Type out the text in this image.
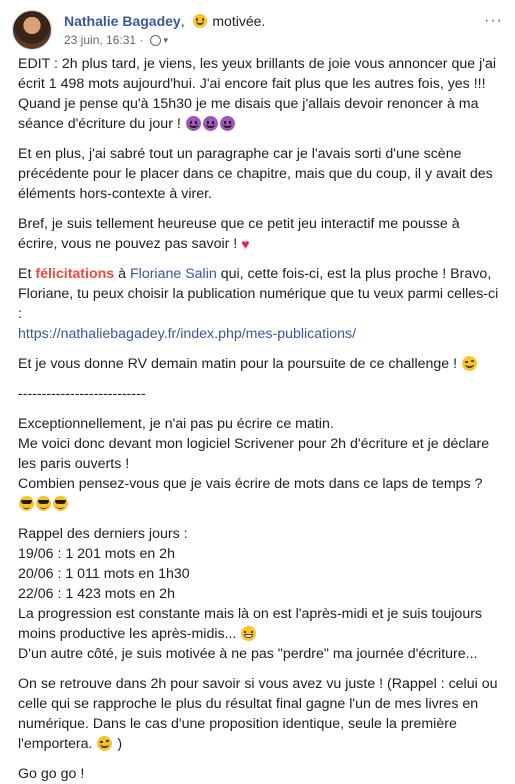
Nathalie Bagadey, motivée.
23 juin, 16:31 · ▼
···

EDIT : 2h plus tard, je viens, les yeux brillants de joie vous annoncer que j'ai écrit 1 498 mots aujourd'hui. J'ai encore fait plus que les autres fois, yes !!! Quand je pense qu'à 15h30 je me disais que j'allais devoir renoncer à ma séance d'écriture du jour !

Et en plus, j'ai sabré tout un paragraphe car je l'avais sorti d'une scène précédente pour le placer dans ce chapitre, mais que du coup, il y avait des éléments hors-contexte à virer.

Bref, je suis tellement heureuse que ce petit jeu interactif me pousse à écrire, vous ne pouvez pas savoir ! ♥

Et félicitations à Floriane Salin qui, cette fois-ci, est la plus proche ! Bravo, Floriane, tu peux choisir la publication numérique que tu veux parmi celles-ci :
https://nathaliebagadey.fr/index.php/mes-publications/

Et je vous donne RV demain matin pour la poursuite de ce challenge !

---------------------------

Exceptionnellement, je n'ai pas pu écrire ce matin.
Me voici donc devant mon logiciel Scrivener pour 2h d'écriture et je déclare les paris ouverts !
Combien pensez-vous que je vais écrire de mots dans ce laps de temps ?

Rappel des derniers jours :
19/06 : 1 201 mots en 2h
20/06 : 1 011 mots en 1h30
22/06 : 1 423 mots en 2h
La progression est constante mais là on est l'après-midi et je suis toujours moins productive les après-midis...
D'un autre côté, je suis motivée à ne pas "perdre" ma journée d'écriture...

On se retrouve dans 2h pour savoir si vous avez vu juste ! (Rappel : celui ou celle qui se rapproche le plus du résultat final gagne l'un de mes livres en numérique. Dans le cas d'une proposition identique, seule la première l'emportera. )

Go go go !
